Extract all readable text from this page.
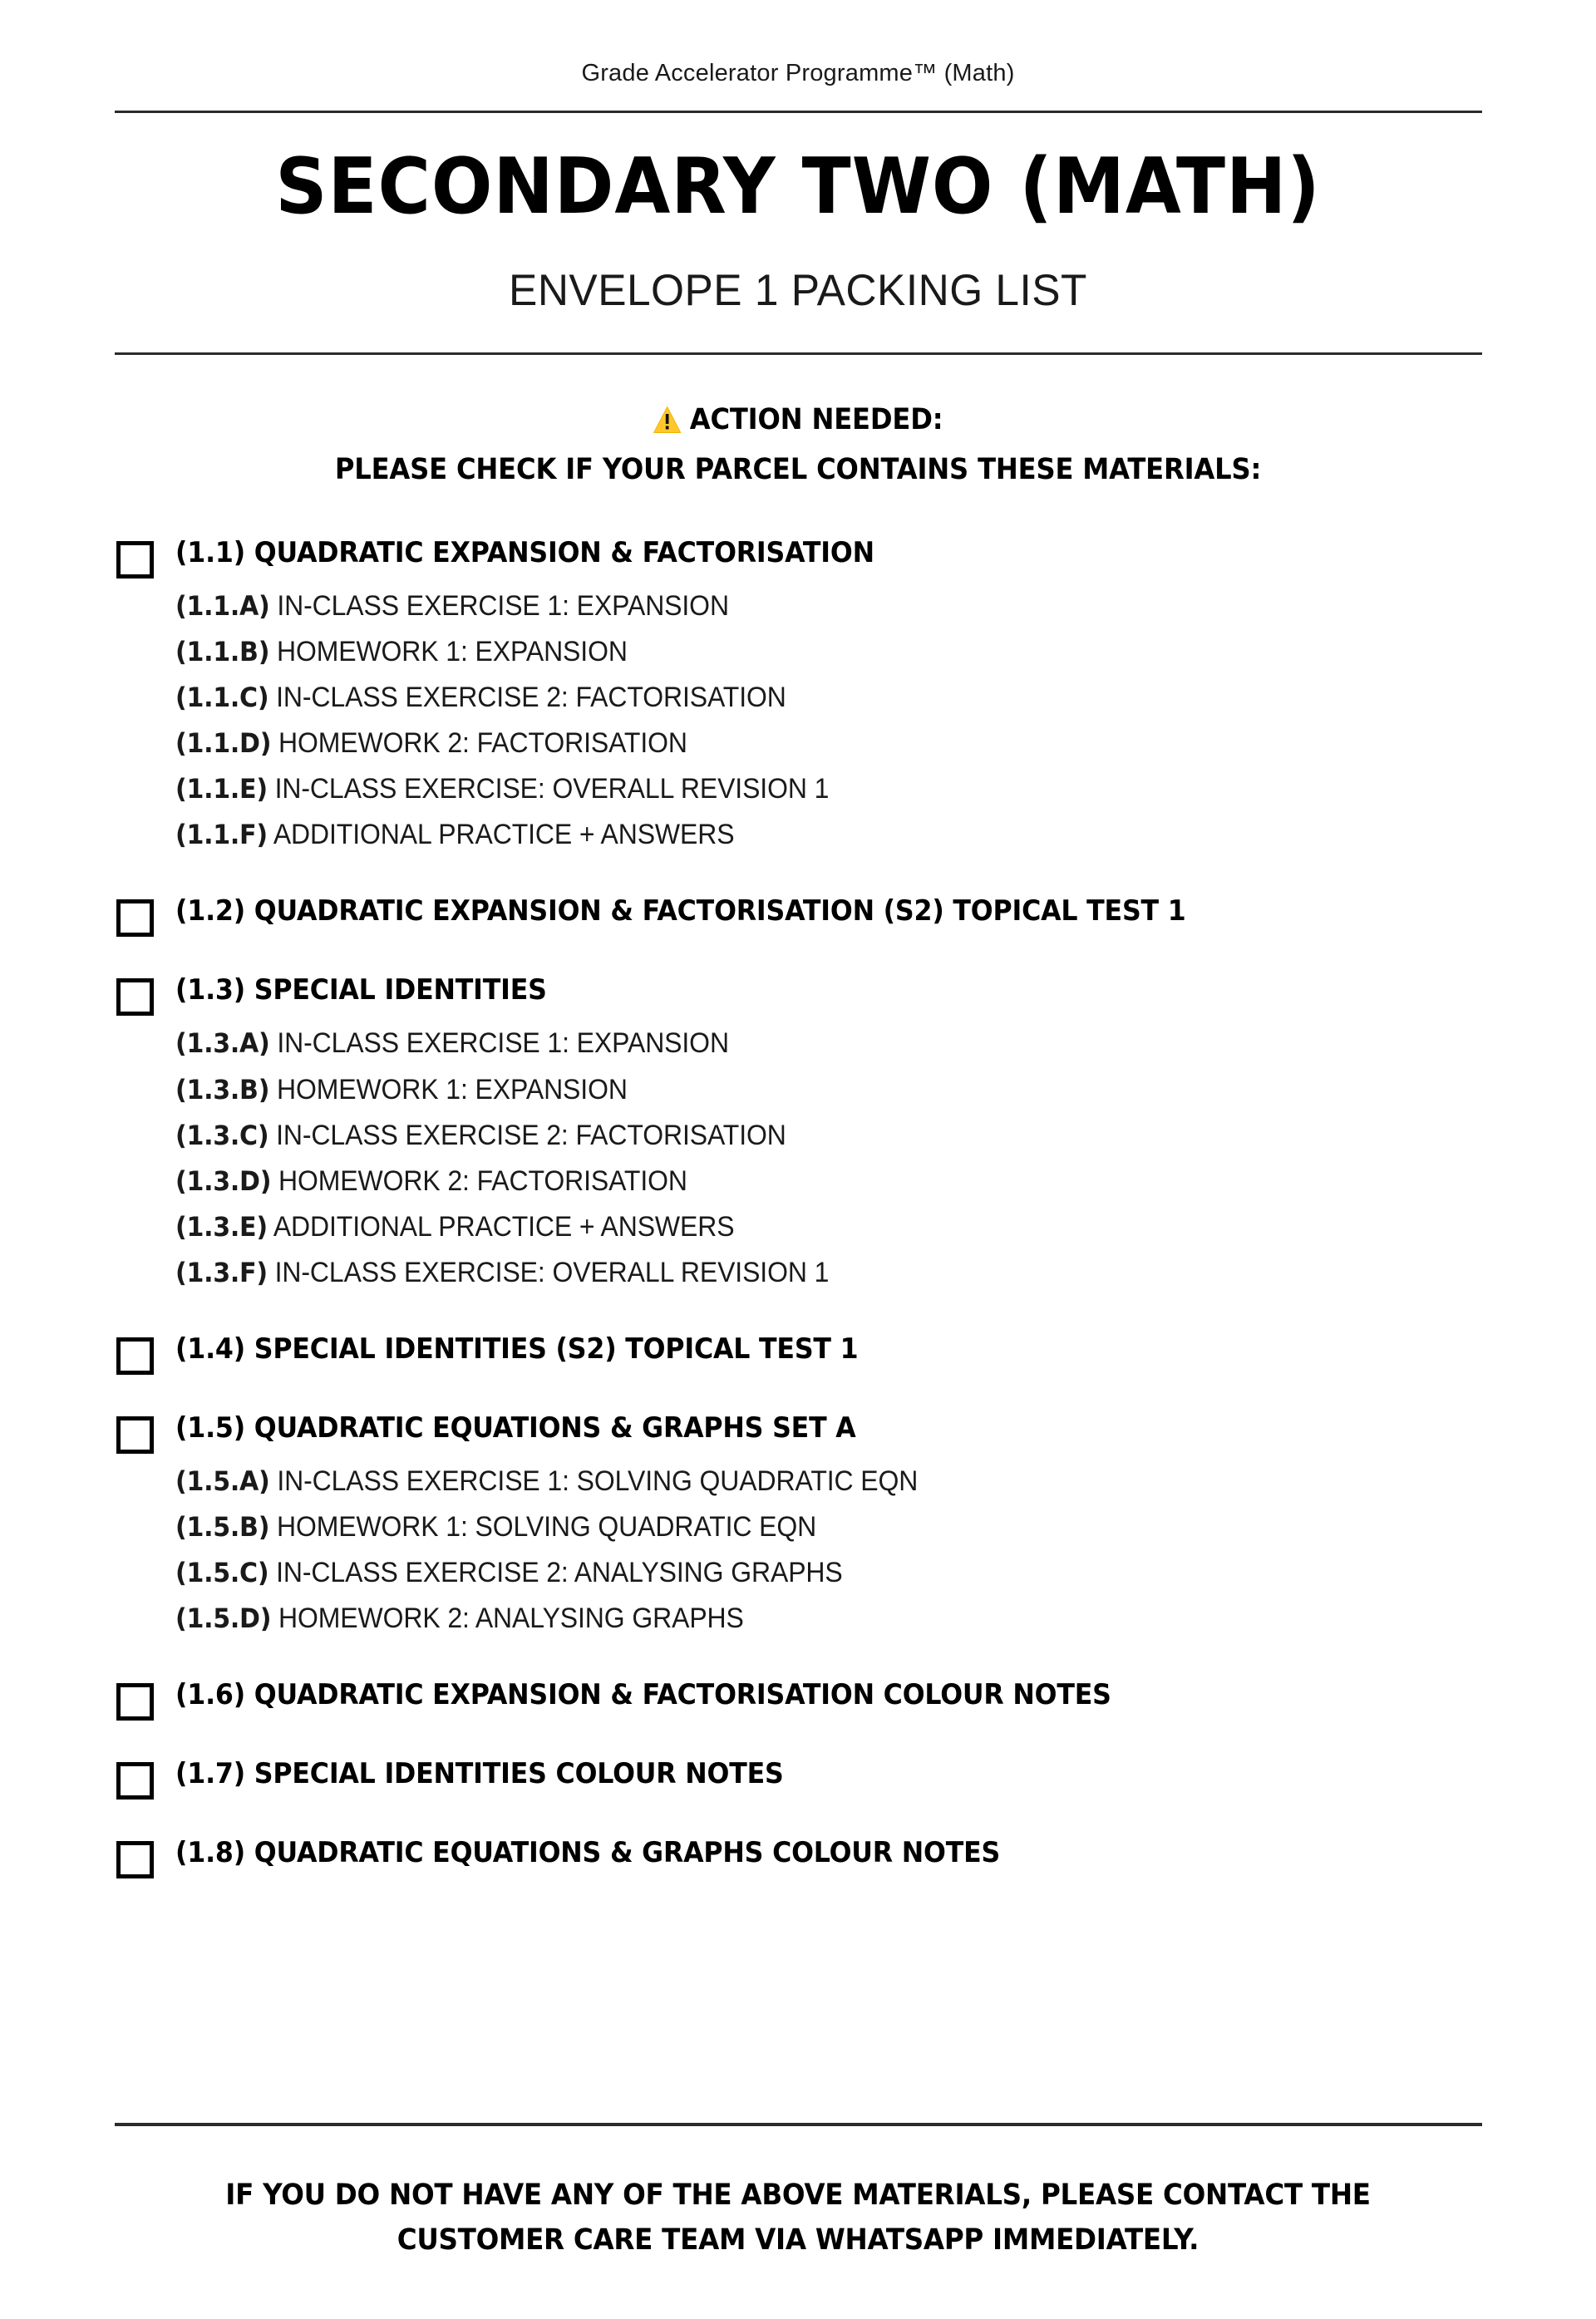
Grade Accelerator Programme™ (Math)
SECONDARY TWO (MATH)
ENVELOPE 1 PACKING LIST
ACTION NEEDED:
PLEASE CHECK IF YOUR PARCEL CONTAINS THESE MATERIALS:
(1.1) QUADRATIC EXPANSION & FACTORISATION
(1.1.A) IN-CLASS EXERCISE 1: EXPANSION
(1.1.B) HOMEWORK 1: EXPANSION
(1.1.C) IN-CLASS EXERCISE 2: FACTORISATION
(1.1.D) HOMEWORK 2: FACTORISATION
(1.1.E) IN-CLASS EXERCISE: OVERALL REVISION 1
(1.1.F) ADDITIONAL PRACTICE + ANSWERS
(1.2) QUADRATIC EXPANSION & FACTORISATION (S2) TOPICAL TEST 1
(1.3) SPECIAL IDENTITIES
(1.3.A) IN-CLASS EXERCISE 1: EXPANSION
(1.3.B) HOMEWORK 1: EXPANSION
(1.3.C) IN-CLASS EXERCISE 2: FACTORISATION
(1.3.D) HOMEWORK 2: FACTORISATION
(1.3.E) ADDITIONAL PRACTICE + ANSWERS
(1.3.F) IN-CLASS EXERCISE: OVERALL REVISION 1
(1.4) SPECIAL IDENTITIES (S2) TOPICAL TEST 1
(1.5) QUADRATIC EQUATIONS & GRAPHS SET A
(1.5.A) IN-CLASS EXERCISE 1: SOLVING QUADRATIC EQN
(1.5.B) HOMEWORK 1: SOLVING QUADRATIC EQN
(1.5.C) IN-CLASS EXERCISE 2: ANALYSING GRAPHS
(1.5.D) HOMEWORK 2: ANALYSING GRAPHS
(1.6) QUADRATIC EXPANSION & FACTORISATION COLOUR NOTES
(1.7) SPECIAL IDENTITIES COLOUR NOTES
(1.8) QUADRATIC EQUATIONS & GRAPHS COLOUR NOTES
IF YOU DO NOT HAVE ANY OF THE ABOVE MATERIALS, PLEASE CONTACT THE
CUSTOMER CARE TEAM VIA WHATSAPP IMMEDIATELY.
